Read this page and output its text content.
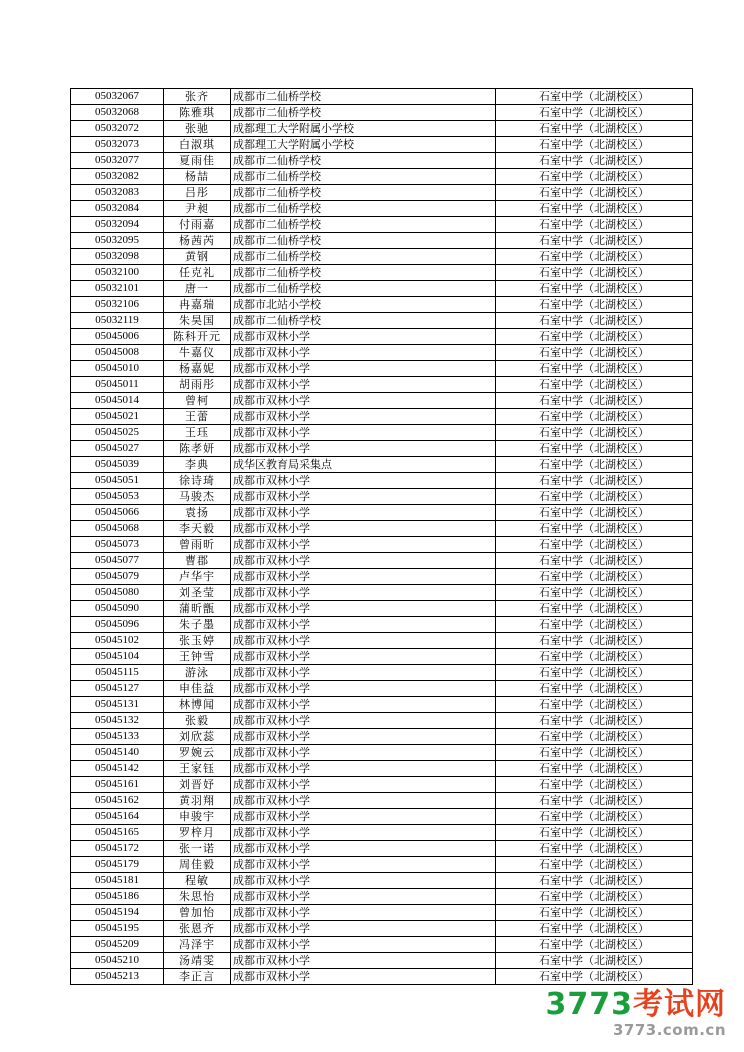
05032067	张齐	成都市二仙桥学校	石室中学（北湖校区）
05032068	陈雅琪	成都市二仙桥学校	石室中学（北湖校区）
05032072	张驰	成都理工大学附属小学校	石室中学（北湖校区）
05032073	白淑琪	成都理工大学附属小学校	石室中学（北湖校区）
05032077	夏雨佳	成都市二仙桥学校	石室中学（北湖校区）
05032082	杨喆	成都市二仙桥学校	石室中学（北湖校区）
05032083	吕彤	成都市二仙桥学校	石室中学（北湖校区）
05032084	尹昶	成都市二仙桥学校	石室中学（北湖校区）
05032094	付雨嘉	成都市二仙桥学校	石室中学（北湖校区）
05032095	杨茜芮	成都市二仙桥学校	石室中学（北湖校区）
05032098	黄钢	成都市二仙桥学校	石室中学（北湖校区）
05032100	任克礼	成都市二仙桥学校	石室中学（北湖校区）
05032101	唐一	成都市二仙桥学校	石室中学（北湖校区）
05032106	冉嘉瑞	成都市北站小学校	石室中学（北湖校区）
05032119	朱昊国	成都市二仙桥学校	石室中学（北湖校区）
05045006	陈科开元	成都市双林小学	石室中学（北湖校区）
05045008	牛嘉仪	成都市双林小学	石室中学（北湖校区）
05045010	杨嘉妮	成都市双林小学	石室中学（北湖校区）
05045011	胡雨彤	成都市双林小学	石室中学（北湖校区）
05045014	曾柯	成都市双林小学	石室中学（北湖校区）
05045021	王蕾	成都市双林小学	石室中学（北湖校区）
05045025	王珏	成都市双林小学	石室中学（北湖校区）
05045027	陈孝妍	成都市双林小学	石室中学（北湖校区）
05045039	李典	成华区教育局采集点	石室中学（北湖校区）
05045051	徐诗琦	成都市双林小学	石室中学（北湖校区）
05045053	马骏杰	成都市双林小学	石室中学（北湖校区）
05045066	袁扬	成都市双林小学	石室中学（北湖校区）
05045068	李天毅	成都市双林小学	石室中学（北湖校区）
05045073	曾雨昕	成都市双林小学	石室中学（北湖校区）
05045077	曹郡	成都市双林小学	石室中学（北湖校区）
05045079	卢华宇	成都市双林小学	石室中学（北湖校区）
05045080	刘圣莹	成都市双林小学	石室中学（北湖校区）
05045090	蒲昕甑	成都市双林小学	石室中学（北湖校区）
05045096	朱子墨	成都市双林小学	石室中学（北湖校区）
05045102	张玉婷	成都市双林小学	石室中学（北湖校区）
05045104	王钟雪	成都市双林小学	石室中学（北湖校区）
05045115	游泳	成都市双林小学	石室中学（北湖校区）
05045127	申佳益	成都市双林小学	石室中学（北湖校区）
05045131	林博闻	成都市双林小学	石室中学（北湖校区）
05045132	张毅	成都市双林小学	石室中学（北湖校区）
05045133	刘欣蕊	成都市双林小学	石室中学（北湖校区）
05045140	罗婉云	成都市双林小学	石室中学（北湖校区）
05045142	王家钰	成都市双林小学	石室中学（北湖校区）
05045161	刘晋妤	成都市双林小学	石室中学（北湖校区）
05045162	黄羽翔	成都市双林小学	石室中学（北湖校区）
05045164	申骏宇	成都市双林小学	石室中学（北湖校区）
05045165	罗梓月	成都市双林小学	石室中学（北湖校区）
05045172	张一诺	成都市双林小学	石室中学（北湖校区）
05045179	周佳毅	成都市双林小学	石室中学（北湖校区）
05045181	程敏	成都市双林小学	石室中学（北湖校区）
05045186	朱思怡	成都市双林小学	石室中学（北湖校区）
05045194	曾加怡	成都市双林小学	石室中学（北湖校区）
05045195	张恩齐	成都市双林小学	石室中学（北湖校区）
05045209	冯泽宇	成都市双林小学	石室中学（北湖校区）
05045210	汤靖雯	成都市双林小学	石室中学（北湖校区）
05045213	李正言	成都市双林小学	石室中学（北湖校区）
3773考试网
3773.com.cn
